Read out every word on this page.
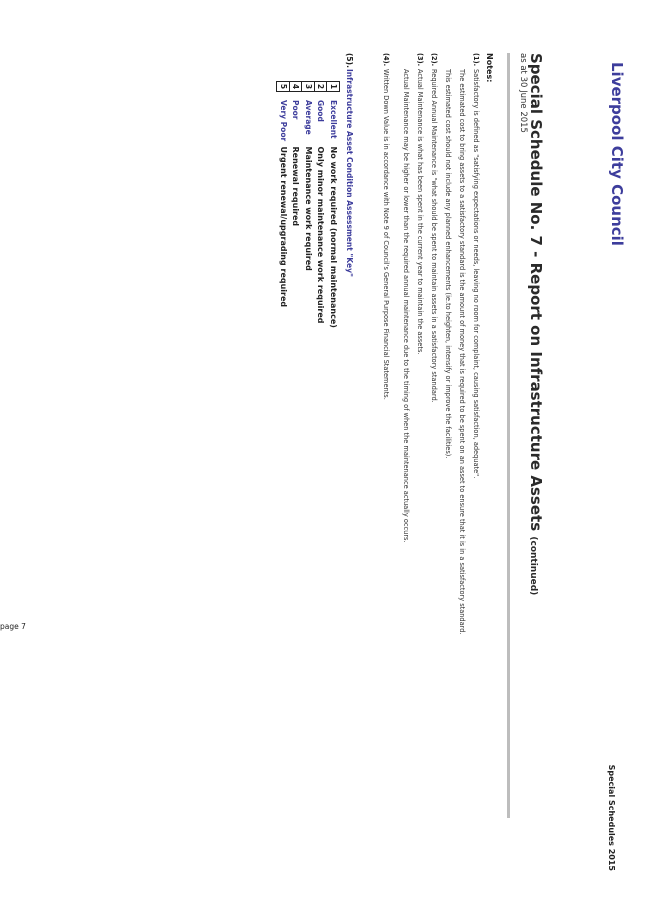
Liverpool City Council
Special Schedules 2015
Special Schedule No. 7 - Report on Infrastructure Assets (continued)
as at 30 June 2015
Notes:
(1).Satisfactory is defined as "satisfying expectations or needs, leaving no room for complaint, causing satisfaction, adequate".
The estimated cost to bring assets to a satisfactory standard is the amount of money that is required to be spent on an asset to ensure that it is in a satisfactory standard.
This estimated cost should not include any planned enhancements (ie.to heighten, intensify or improve the facilities).
(2).Required Annual Maintenance is "what should be spent to maintain assets in a satisfactory standard.
(3).Actual Maintenance is what has been spent in the current year to maintain the assets.
Actual Maintenance may be higher or lower than the required annual maintenance due to the timing of when the maintenance actually occurs.
(4).Written Down Value is in accordance with Note 9 of Council's General Purpose Financial Statements.
(5).Infrastructure Asset Condition Assessment "Key"
1	Excellent	No work required (normal maintenance)
2	Good	Only minor maintenance work required
3	Average	Maintenance work required
4	Poor	Renewal required
5	Very Poor	Urgent renewal/upgrading required
page 7
